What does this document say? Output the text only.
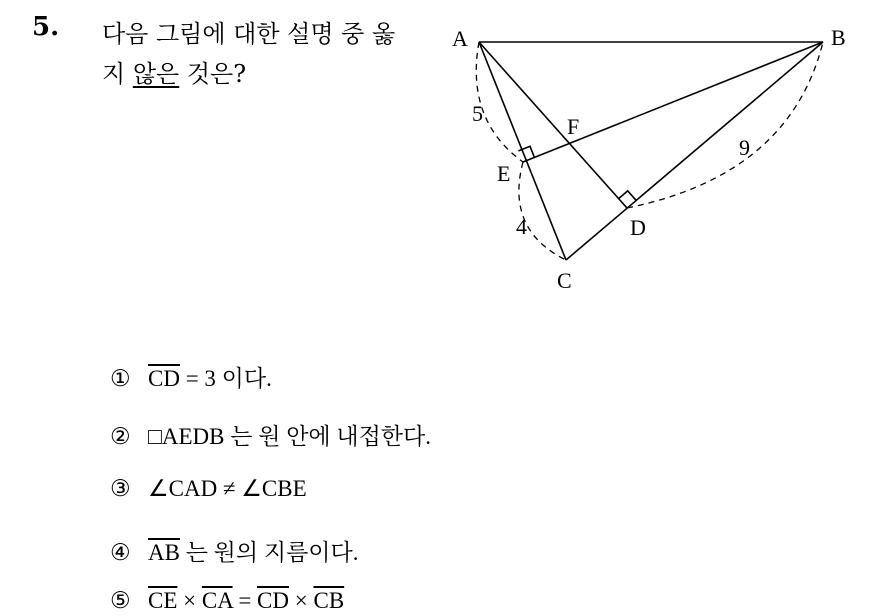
5. 다음 그림에 대한 설명 중 옳
지 않은 것은?
A	B
C
D
E
F
5
4
9
① $\overline{CD} = 3$ 이다.
② □AEDB 는 원 안에 내접한다.
③ ∠CAD ≠ ∠CBE
④ $\overline{AB}$ 는 원의 지름이다.
⑤ $\overline{CE} \times \overline{CA} = \overline{CD} \times \overline{CB}$
